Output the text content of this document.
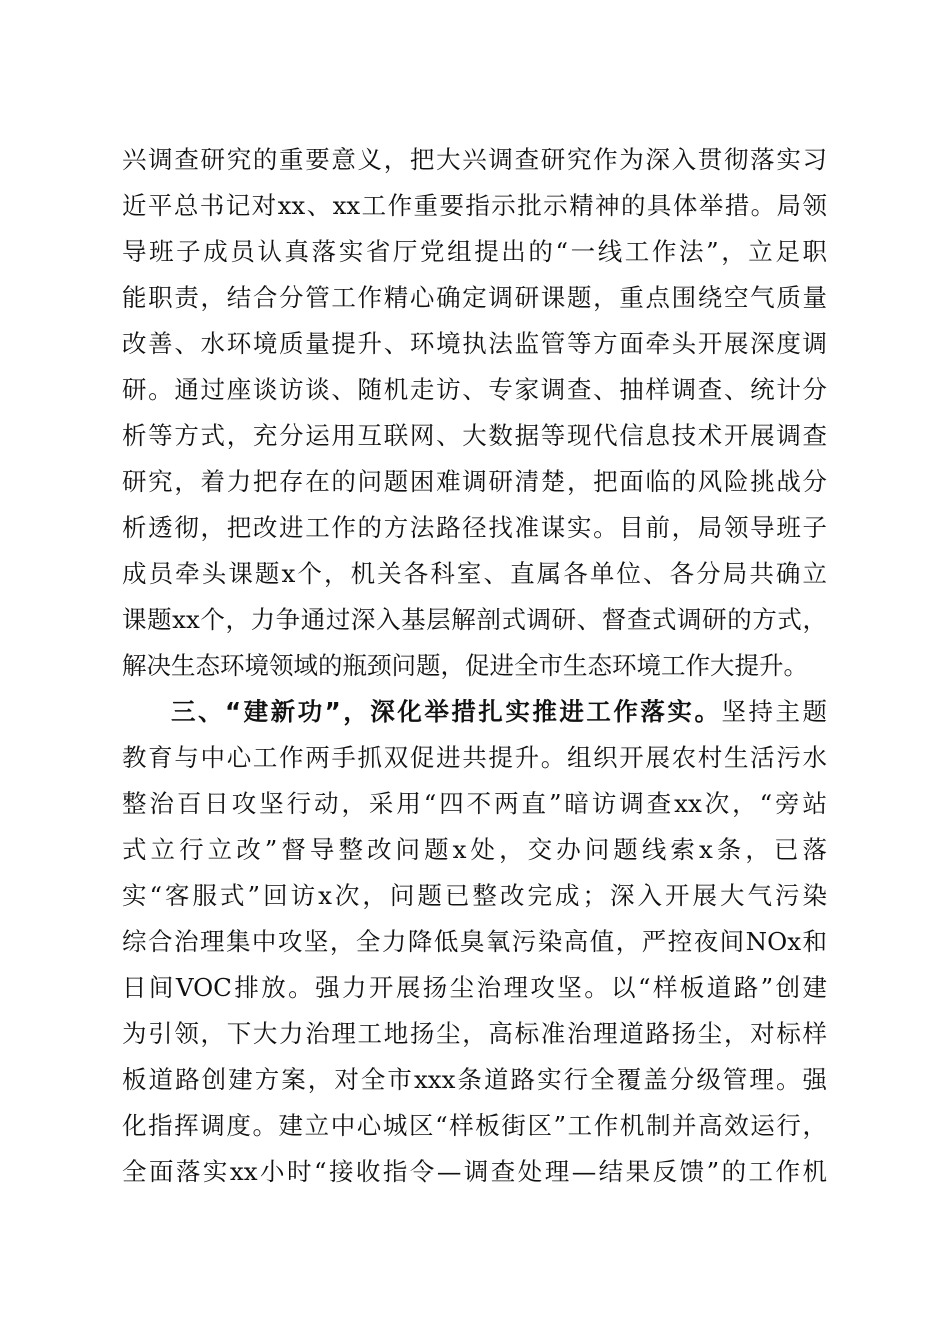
兴调查研究的重要意义，把大兴调查研究作为深入贯彻落实习
近平总书记对xx、xx工作重要指示批示精神的具体举措。局领
导班子成员认真落实省厅党组提出的“一线工作法”，立足职
能职责，结合分管工作精心确定调研课题，重点围绕空气质量
改善、水环境质量提升、环境执法监管等方面牵头开展深度调
研。通过座谈访谈、随机走访、专家调查、抽样调查、统计分
析等方式，充分运用互联网、大数据等现代信息技术开展调查
研究，着力把存在的问题困难调研清楚，把面临的风险挑战分
析透彻，把改进工作的方法路径找准谋实。目前，局领导班子
成员牵头课题x个，机关各科室、直属各单位、各分局共确立
课题xx个，力争通过深入基层解剖式调研、督查式调研的方式，
解决生态环境领域的瓶颈问题，促进全市生态环境工作大提升。
三、“建新功”，深化举措扎实推进工作落实。坚持主题
教育与中心工作两手抓双促进共提升。组织开展农村生活污水
整治百日攻坚行动，采用“四不两直”暗访调查xx次，“旁站
式立行立改”督导整改问题x处，交办问题线索x条，已落
实“客服式”回访x次，问题已整改完成；深入开展大气污染
综合治理集中攻坚，全力降低臭氧污染高值，严控夜间NOx和
日间VOC排放。强力开展扬尘治理攻坚。以“样板道路”创建
为引领，下大力治理工地扬尘，高标准治理道路扬尘，对标样
板道路创建方案，对全市xxx条道路实行全覆盖分级管理。强
化指挥调度。建立中心城区“样板街区”工作机制并高效运行，
全面落实xx小时“接收指令—调查处理—结果反馈”的工作机
